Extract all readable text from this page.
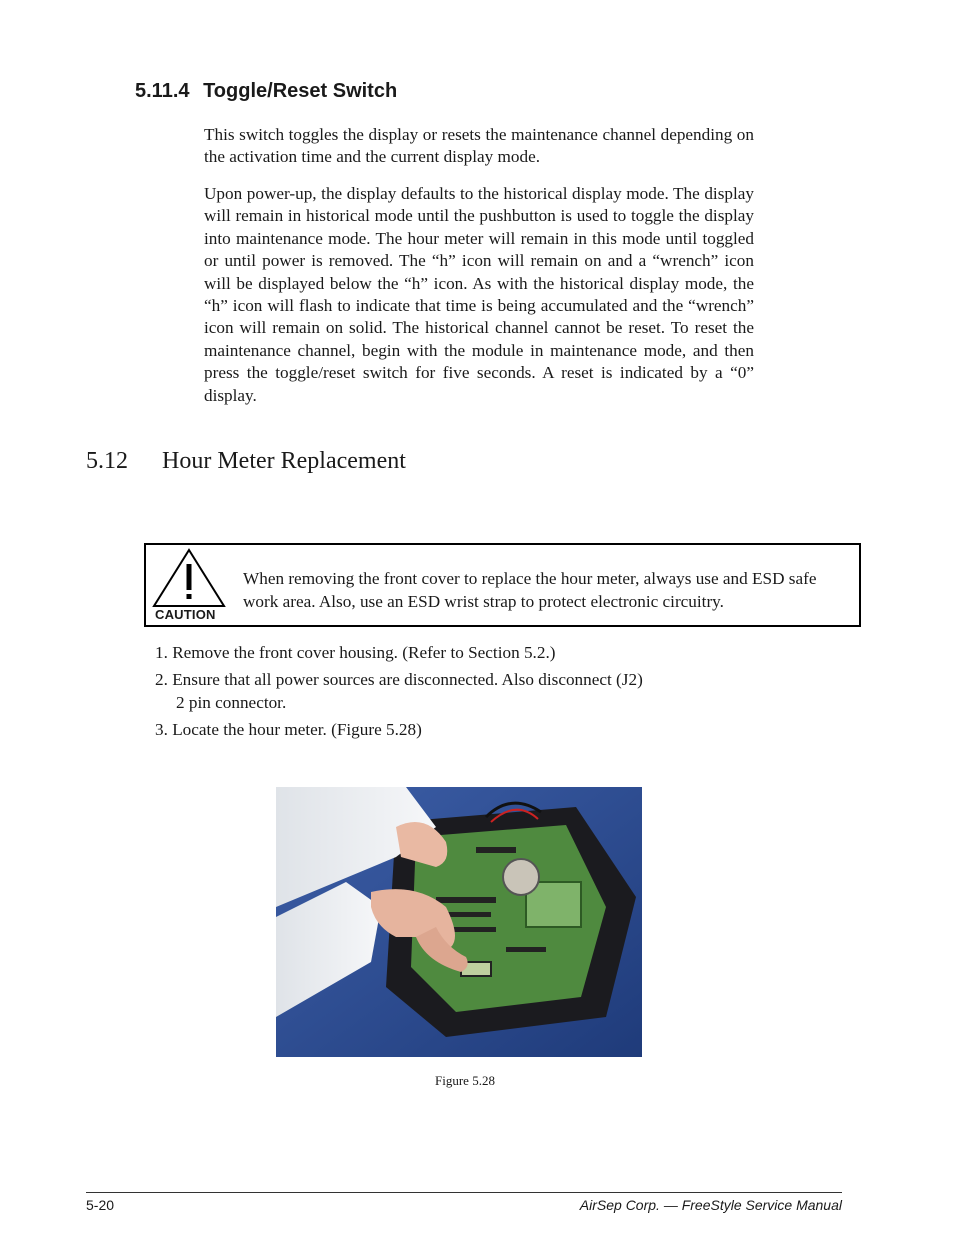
5.11.4 Toggle/Reset Switch

This switch toggles the display or resets the maintenance channel depending on the activation time and the current display mode.

Upon power-up, the display defaults to the historical display mode. The display will remain in historical mode until the pushbutton is used to toggle the display into maintenance mode. The hour meter will remain in this mode until toggled or until power is removed. The “h” icon will remain on and a “wrench” icon will be displayed below the “h” icon. As with the historical display mode, the “h” icon will flash to indicate that time is being accumulated and the “wrench” icon will remain on solid. The historical channel cannot be reset. To reset the maintenance channel, begin with the module in maintenance mode, and then press the toggle/reset switch for five seconds. A reset is indicated by a “0” display.

5.12 Hour Meter Replacement
CAUTION

When removing the front cover to replace the hour meter, always use and ESD safe work area. Also, use an ESD wrist strap to protect electronic circuitry.

1. Remove the front cover housing. (Refer to Section 5.2.)
2. Ensure that all power sources are disconnected. Also disconnect (J2)
2 pin connector.
3. Locate the hour meter. (Figure 5.28)

Figure 5.28

5-20	AirSep Corp. — FreeStyle Service Manual
